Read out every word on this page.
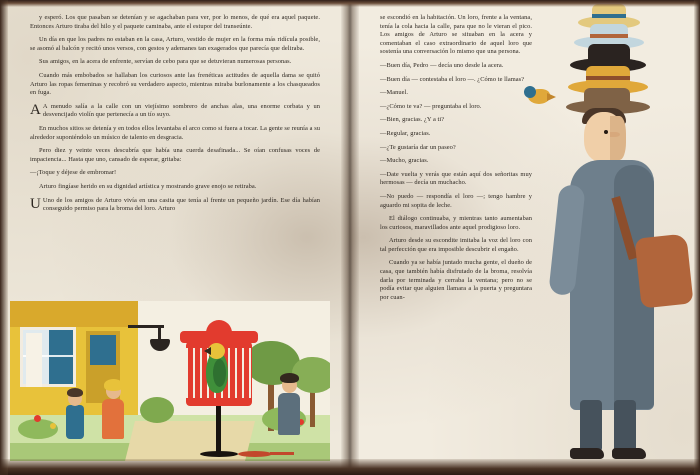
y esperó. Los que pasaban se detenían y se agachaban para ver, por lo menos, de qué era aquel paquete. Entonces Arturo tiraba del hilo y el paquete caminaba, ante el estupor del transeúnte.

Un día en que los padres no estaban en la casa, Arturo, vestido de mujer en la forma más ridícula posible, se asomó al balcón y recitó unos versos, con gestos y ademanes tan exagerados que parecía que deliraba.

Sus amigos, en la acera de enfrente, servían de cebo para que se detuvieran numerosas personas.

Cuando más embobados se hallaban los curiosos ante las frenéticas actitudes de aquella dama se quitó Arturo las ropas femeninas y recobró su verdadero aspecto, mientras miraba burlonamente a los chasqueados en fuga.

A A menudo salía a la calle con un viejísimo sombrero de anchas alas, una enorme corbata y un desvencijado violín que pertenecía a un tío suyo.

En muchos sitios se detenía y en todos ellos levantaba el arco como si fuera a tocar. La gente se reunía a su alrededor suponiéndolo un músico de talento en desgracia.

Pero diez y veinte veces descubría que había una cuerda desafinada... Se oían confusas voces de impaciencia... Hasta que uno, cansado de esperar, gritaba:

—¡Toque y déjese de embromar!

Arturo fingíase herido en su dignidad artística y mostrando grave enojo se retiraba.

U Uno de los amigos de Arturo vivía en una casita que tenía al frente un pequeño jardín. Ese día habían conseguido permiso para la broma del loro. Arturo

se escondió en la habitación. Un loro, frente a la ventana, tenía la cola hacia la calle, para que no le vieran el pico. Los amigos de Arturo se situaban en la acera y comentaban el caso extraordinario de aquel loro que sostenía una conversación lo mismo que una persona.

—Buen día, Pedro — decía uno desde la acera.

—Buen día — contestaba el loro —. ¿Cómo te llamas?

—Manuel.

—¿Cómo te va? — preguntaba el loro.

—Bien, gracias. ¿Y a ti?

—Regular, gracias.

—¿Te gustaría dar un paseo?

—Mucho, gracias.

—Date vuelta y verás que están aquí dos señoritas muy hermosas — decía un muchacho.

—No puedo — respondía el loro —; tengo hambre y aguardo mi sopita de leche.

El diálogo continuaba, y mientras tanto aumentaban los curiosos, maravillados ante aquel prodigioso loro.

Arturo desde su escondite imitaba la voz del loro con tal perfección que era imposible descubrir el engaño.

Cuando ya se había juntado mucha gente, el dueño de casa, que también había disfrutado de la broma, resolvía darla por terminada y cerraba la ventana; pero no se podía evitar que alguien llamara a la puerta y preguntara por cuan-
